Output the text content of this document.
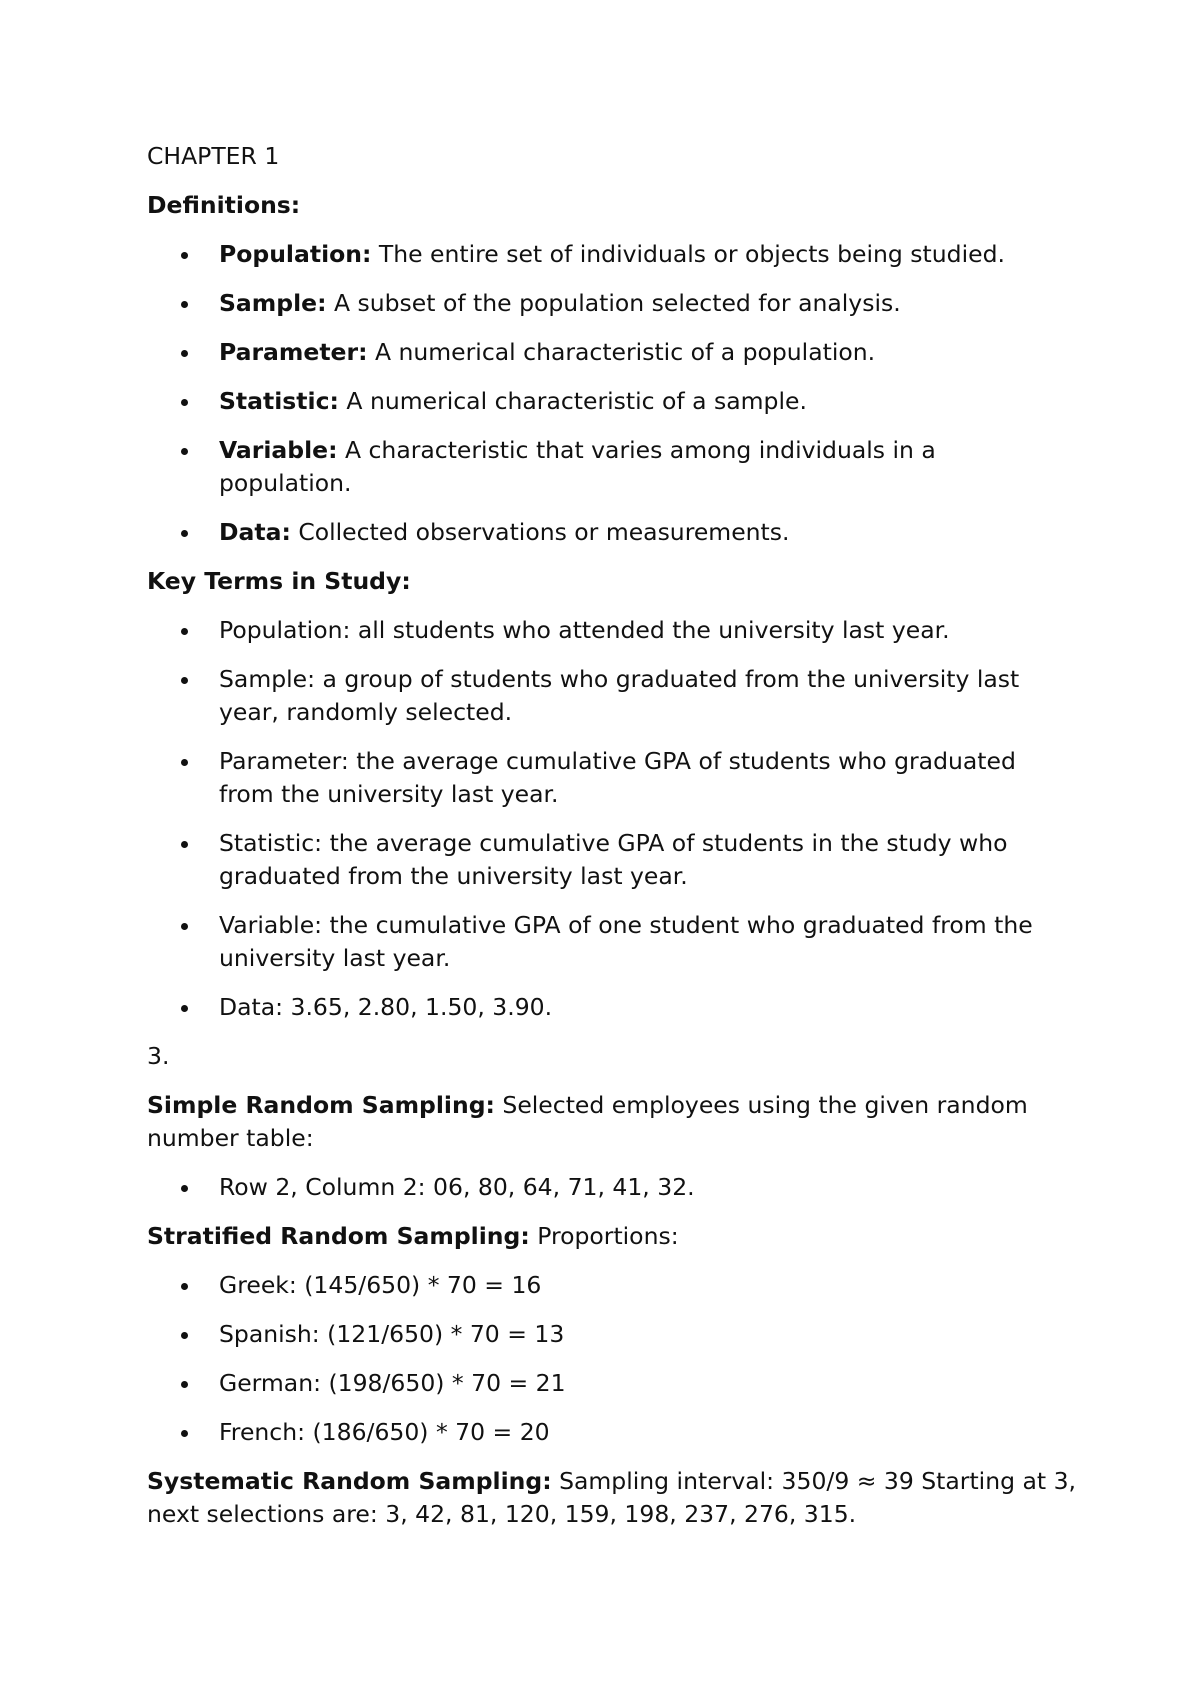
CHAPTER 1
Definitions:
Population: The entire set of individuals or objects being studied.
Sample: A subset of the population selected for analysis.
Parameter: A numerical characteristic of a population.
Statistic: A numerical characteristic of a sample.
Variable: A characteristic that varies among individuals in a population.
Data: Collected observations or measurements.
Key Terms in Study:
Population: all students who attended the university last year.
Sample: a group of students who graduated from the university last year, randomly selected.
Parameter: the average cumulative GPA of students who graduated from the university last year.
Statistic: the average cumulative GPA of students in the study who graduated from the university last year.
Variable: the cumulative GPA of one student who graduated from the university last year.
Data: 3.65, 2.80, 1.50, 3.90.
3.
Simple Random Sampling: Selected employees using the given random number table:
Row 2, Column 2: 06, 80, 64, 71, 41, 32.
Stratified Random Sampling: Proportions:
Greek: (145/650) * 70 = 16
Spanish: (121/650) * 70 = 13
German: (198/650) * 70 = 21
French: (186/650) * 70 = 20
Systematic Random Sampling: Sampling interval: 350/9 ≈ 39 Starting at 3, next selections are: 3, 42, 81, 120, 159, 198, 237, 276, 315.
